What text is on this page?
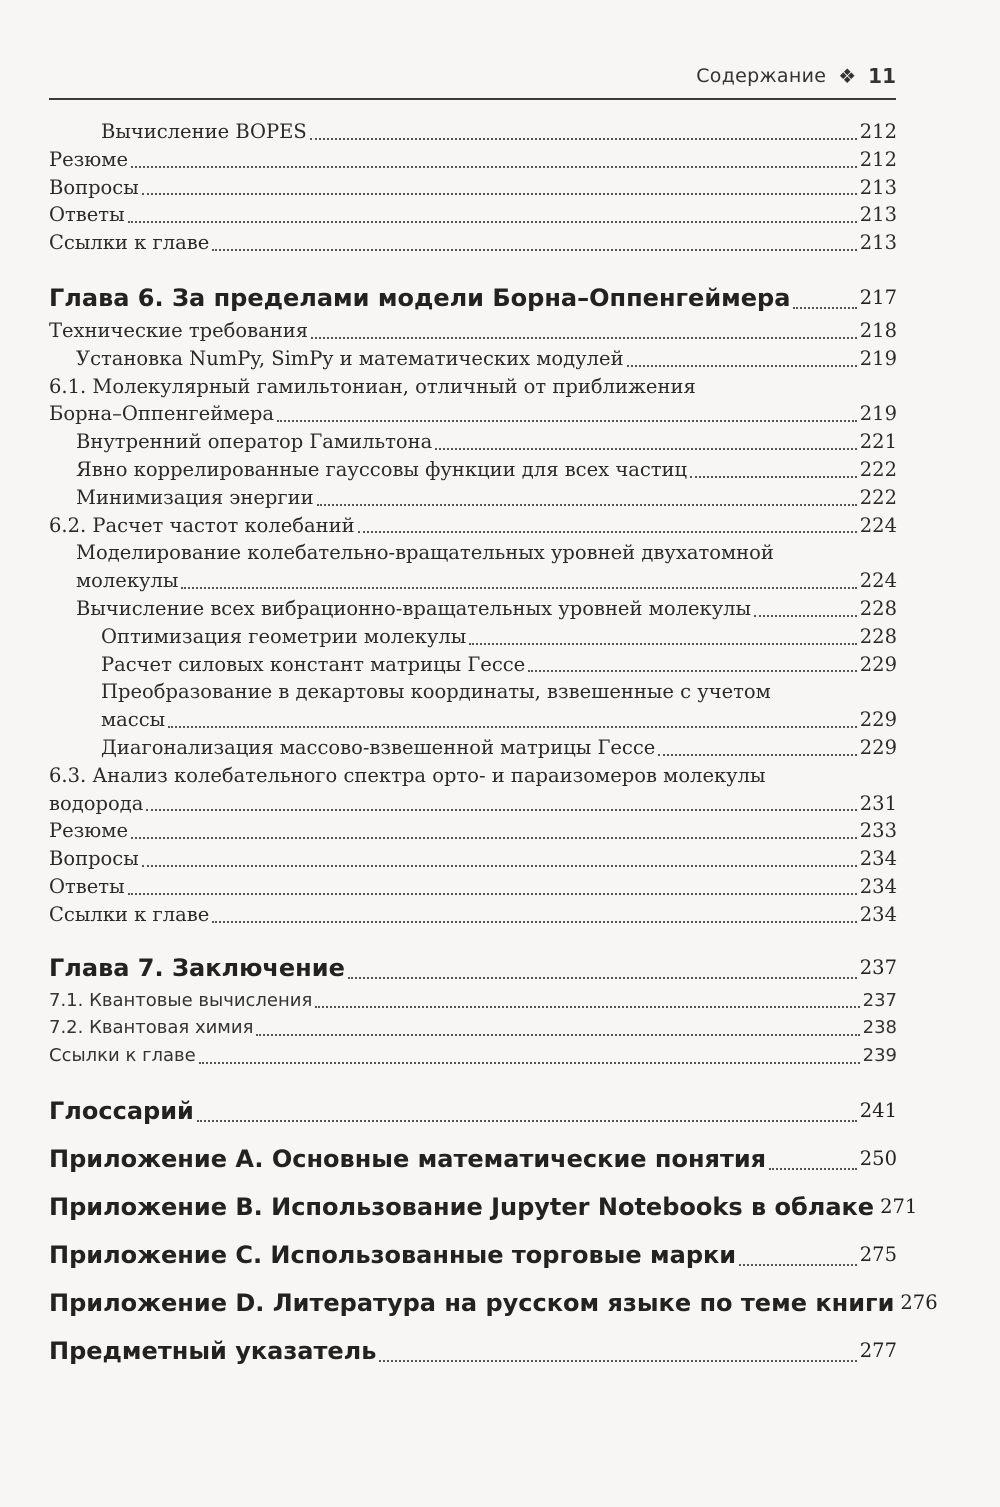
Содержание ❖ 11
Вычисление BOPES	212
Резюме	212
Вопросы	213
Ответы	213
Ссылки к главе	213
Глава 6. За пределами модели Борна–Оппенгеймера	217
Технические требования	218
Установка NumPy, SimPy и математических модулей	219
6.1. Молекулярный гамильтониан, отличный от приближения
Борна–Оппенгеймера	219
Внутренний оператор Гамильтона	221
Явно коррелированные гауссовы функции для всех частиц	222
Минимизация энергии	222
6.2. Расчет частот колебаний	224
Моделирование колебательно-вращательных уровней двухатомной
молекулы	224
Вычисление всех вибрационно-вращательных уровней молекулы	228
Оптимизация геометрии молекулы	228
Расчет силовых констант матрицы Гессе	229
Преобразование в декартовы координаты, взвешенные с учетом
массы	229
Диагонализация массово-взвешенной матрицы Гессе	229
6.3. Анализ колебательного спектра орто- и параизомеров молекулы
водорода	231
Резюме	233
Вопросы	234
Ответы	234
Ссылки к главе	234
Глава 7. Заключение	237
7.1. Квантовые вычисления	237
7.2. Квантовая химия	238
Ссылки к главе	239
Глоссарий	241
Приложение A. Основные математические понятия	250
Приложение B. Использование Jupyter Notebooks в облаке 271
Приложение C. Использованные торговые марки	275
Приложение D. Литература на русском языке по теме книги 276
Предметный указатель	277
